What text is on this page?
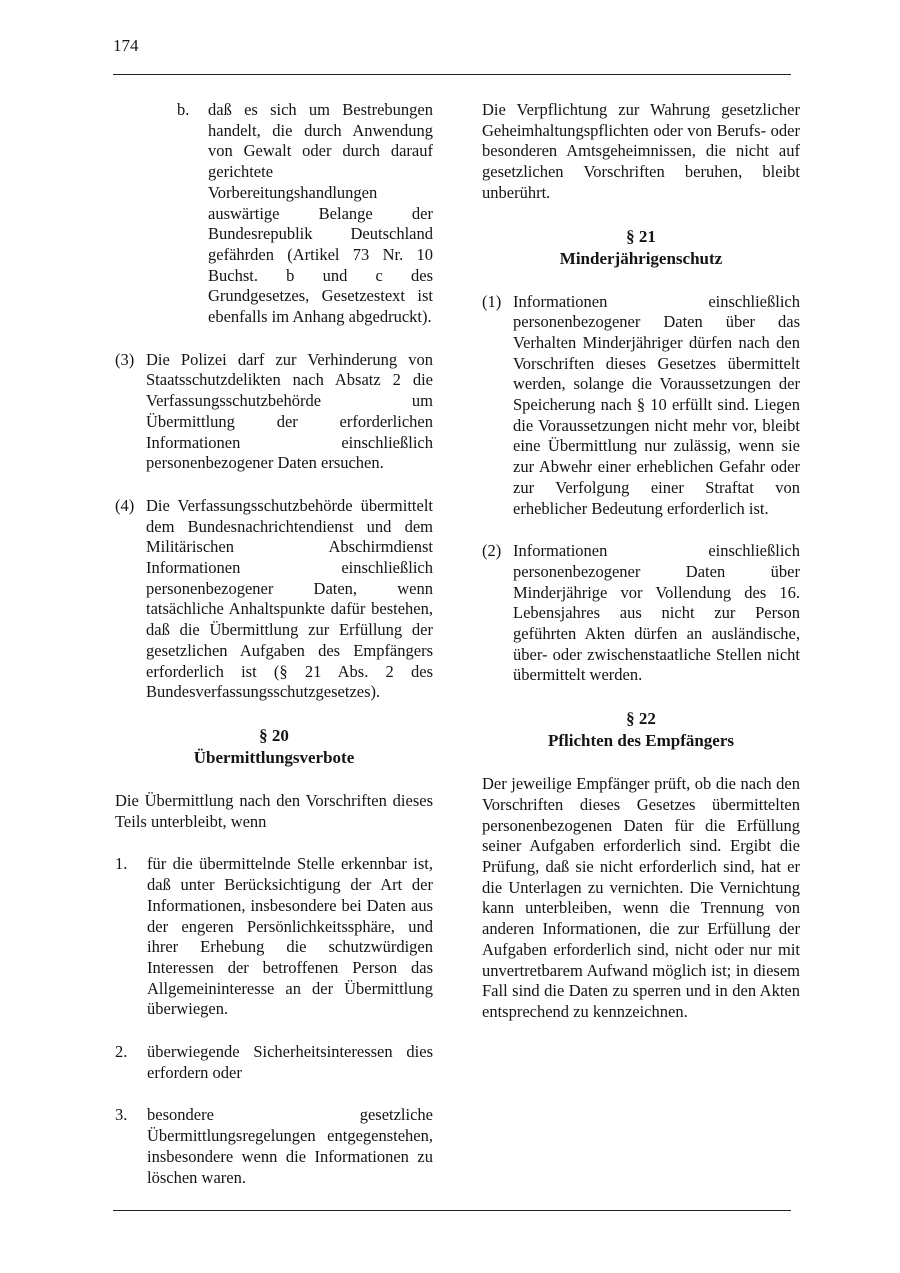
174
b.	daß es sich um Bestrebungen handelt, die durch Anwendung von Gewalt oder durch darauf gerichtete Vorbereitungshandlungen auswärtige Belange der Bundesrepublik Deutschland gefährden (Artikel 73 Nr. 10 Buchst. b und c des Grundgesetzes, Gesetzestext ist ebenfalls im Anhang abgedruckt).
(3) Die Polizei darf zur Verhinderung von Staatsschutzdelikten nach Absatz 2 die Verfassungsschutzbehörde um Übermittlung der erforderlichen Informationen einschließlich personenbezogener Daten ersuchen.
(4) Die Verfassungsschutzbehörde übermittelt dem Bundesnachrichtendienst und dem Militärischen Abschirmdienst Informationen einschließlich personenbezogener Daten, wenn tatsächliche Anhaltspunkte dafür bestehen, daß die Übermittlung zur Erfüllung der gesetzlichen Aufgaben des Empfängers erforderlich ist (§ 21 Abs. 2 des Bundesverfassungsschutzgesetzes).
§ 20
Übermittlungsverbote
Die Übermittlung nach den Vorschriften dieses Teils unterbleibt, wenn
1.	für die übermittelnde Stelle erkennbar ist, daß unter Berücksichtigung der Art der Informationen, insbesondere bei Daten aus der engeren Persönlichkeitssphäre, und ihrer Erhebung die schutzwürdigen Interessen der betroffenen Person das Allgemeininteresse an der Übermittlung überwiegen.
2.	überwiegende Sicherheitsinteressen dies erfordern oder
3.	besondere gesetzliche Übermittlungsregelungen entgegenstehen, insbesondere wenn die Informationen zu löschen waren.
Die Verpflichtung zur Wahrung gesetzlicher Geheimhaltungspflichten oder von Berufs- oder besonderen Amtsgeheimnissen, die nicht auf gesetzlichen Vorschriften beruhen, bleibt unberührt.
§ 21
Minderjährigenschutz
(1) Informationen einschließlich personenbezogener Daten über das Verhalten Minderjähriger dürfen nach den Vorschriften dieses Gesetzes übermittelt werden, solange die Voraussetzungen der Speicherung nach § 10 erfüllt sind. Liegen die Voraussetzungen nicht mehr vor, bleibt eine Übermittlung nur zulässig, wenn sie zur Abwehr einer erheblichen Gefahr oder zur Verfolgung einer Straftat von erheblicher Bedeutung erforderlich ist.
(2) Informationen einschließlich personenbezogener Daten über Minderjährige vor Vollendung des 16. Lebensjahres aus nicht zur Person geführten Akten dürfen an ausländische, über- oder zwischenstaatliche Stellen nicht übermittelt werden.
§ 22
Pflichten des Empfängers
Der jeweilige Empfänger prüft, ob die nach den Vorschriften dieses Gesetzes übermittelten personenbezogenen Daten für die Erfüllung seiner Aufgaben erforderlich sind. Ergibt die Prüfung, daß sie nicht erforderlich sind, hat er die Unterlagen zu vernichten. Die Vernichtung kann unterbleiben, wenn die Trennung von anderen Informationen, die zur Erfüllung der Aufgaben erforderlich sind, nicht oder nur mit unvertretbarem Aufwand möglich ist; in diesem Fall sind die Daten zu sperren und in den Akten entsprechend zu kennzeichnen.
